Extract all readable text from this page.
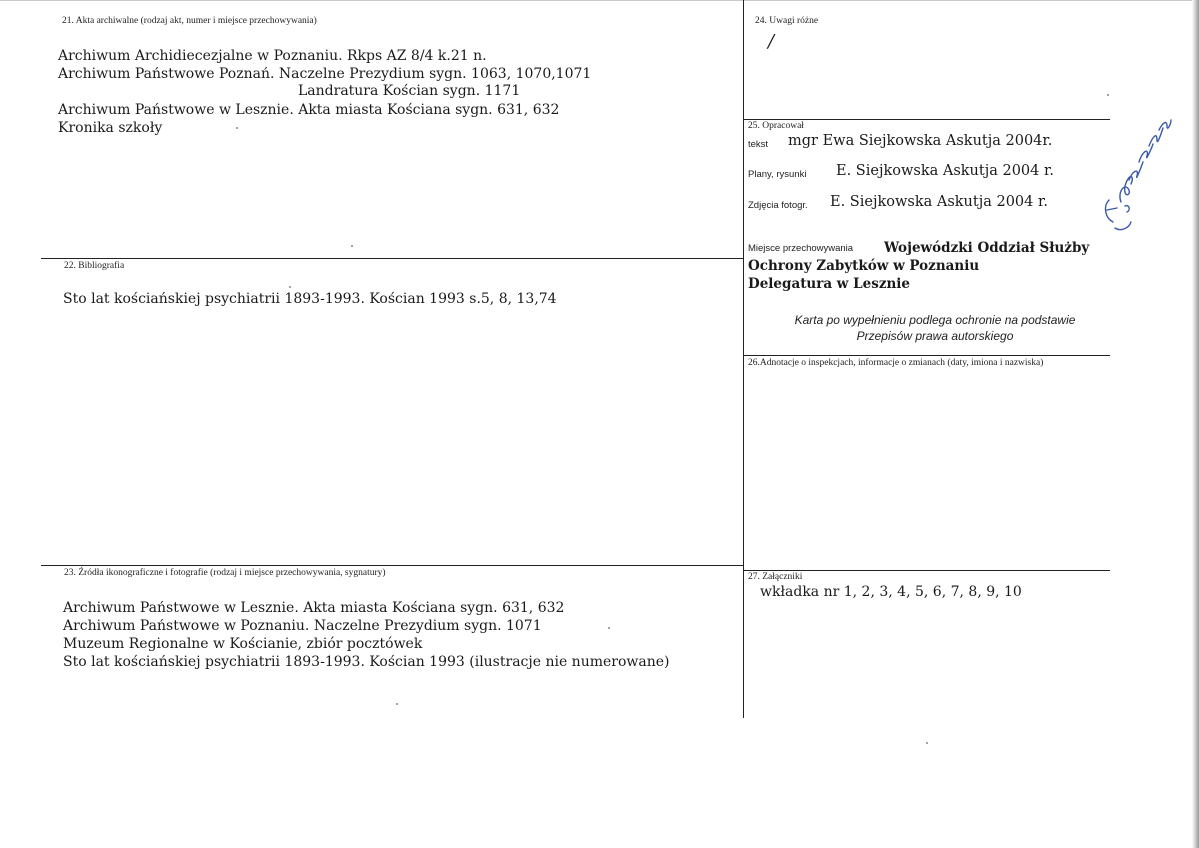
21. Akta archiwalne (rodzaj akt, numer i miejsce przechowywania)
Archiwum Archidiecezjalne w Poznaniu. Rkps AZ 8/4 k.21 n.
Archiwum Państwowe Poznań. Naczelne Prezydium sygn. 1063, 1070,1071
Landratura Kościan sygn. 1171
Archiwum Państwowe w Lesznie. Akta miasta Kościana sygn. 631, 632
Kronika szkoły
22. Bibliografia
Sto lat kościańskiej psychiatrii 1893-1993. Kościan 1993 s.5, 8, 13,74
23. Źródła ikonograficzne i fotografie (rodzaj i miejsce przechowywania, sygnatury)
Archiwum Państwowe w Lesznie. Akta miasta Kościana sygn. 631, 632
Archiwum Państwowe w Poznaniu. Naczelne Prezydium sygn. 1071
Muzeum Regionalne w Kościanie, zbiór pocztówek
Sto lat kościańskiej psychiatrii 1893-1993. Kościan 1993 (ilustracje nie numerowane)
24. Uwagi różne
/
25. Opracował
tekst mgr Ewa Siejkowska Askutja 2004r.
Plany, rysunki E. Siejkowska Askutja 2004 r.
Zdjęcia fotogr. E. Siejkowska Askutja 2004 r.
Miejsce przechowywania Wojewódzki Oddział Służby
Ochrony Zabytków w Poznaniu
Delegatura w Lesznie
Karta po wypełnieniu podlega ochronie na podstawie
Przepisów prawa autorskiego
26.Adnotacje o inspekcjach, informacje o zmianach (daty, imiona i nazwiska)
27. Załączniki
wkładka nr 1, 2, 3, 4, 5, 6, 7, 8, 9, 10
